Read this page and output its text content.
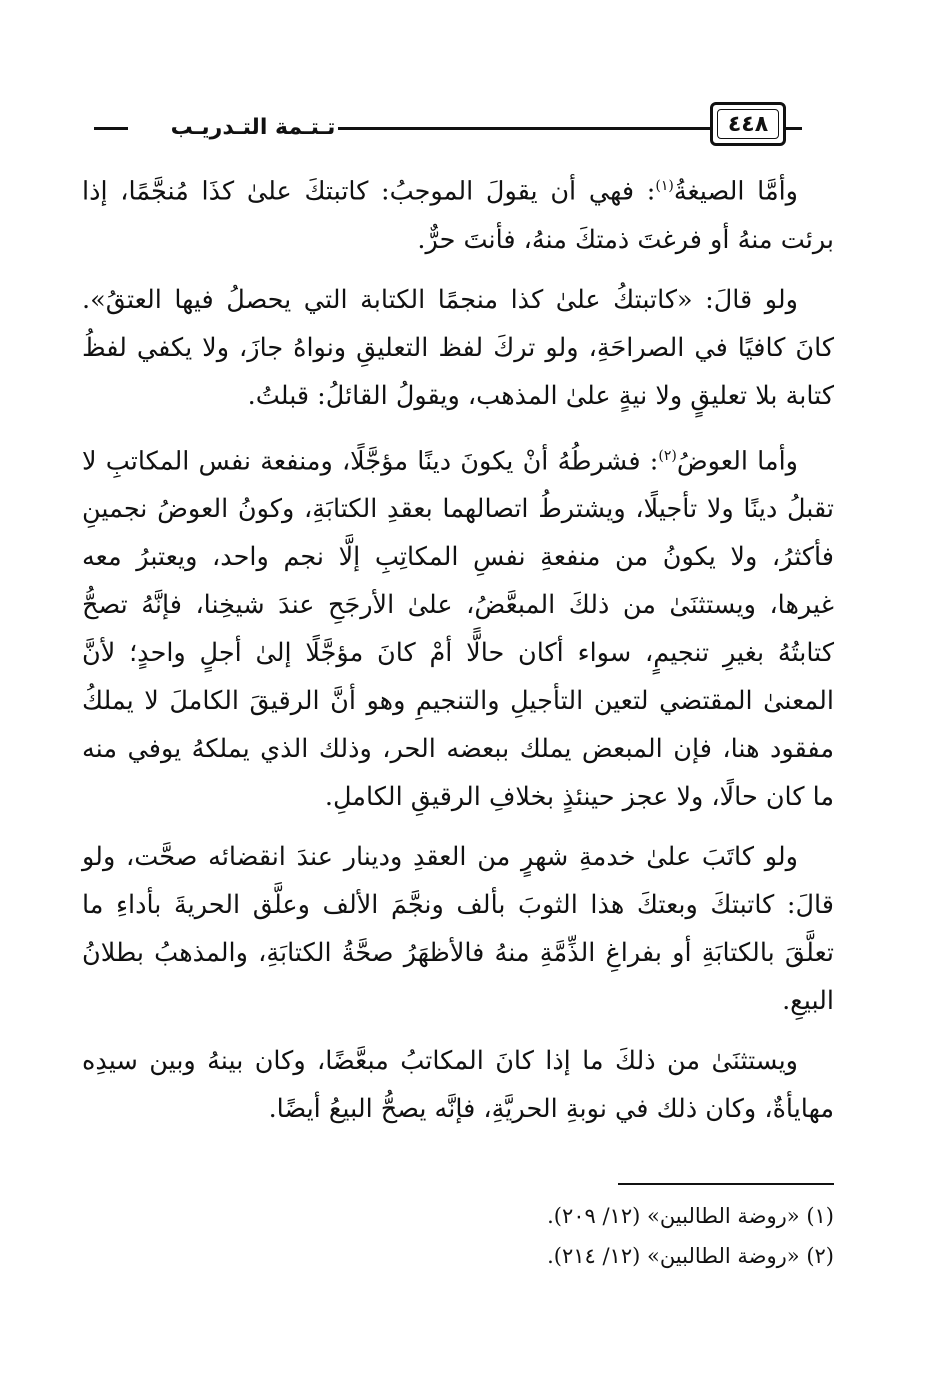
تـتـمة التـدريـب	٤٤٨

وأمَّا الصيغةُ$^{(١)}$: فهي أن يقولَ الموجبُ: كاتبتكَ علىٰ كذَا مُنجَّمًا، إذا برئت منهُ أو فرغتَ ذمتكَ منهُ، فأنتَ حرٌّ.

ولو قالَ: «كاتبتكُ علىٰ كذا منجمًا الكتابة التي يحصلُ فيها العتقُ». كانَ كافيًا في الصراحَةِ، ولو تركَ لفظ التعليقِ ونواهُ جازَ، ولا يكفي لفظُ كتابة بلا تعليقٍ ولا نيةٍ علىٰ المذهب، ويقولُ القائلُ: قبلتُ.

وأما العوضُ$^{(٢)}$: فشرطُهُ أنْ يكونَ دينًا مؤجَّلًا، ومنفعة نفس المكاتبِ لا تقبلُ دينًا ولا تأجيلًا، ويشترطُ اتصالهما بعقدِ الكتابَةِ، وكونُ العوضُ نجمينِ فأكثرُ، ولا يكونُ من منفعةِ نفسِ المكاتِبِ إلَّا نجم واحد، ويعتبرُ معه غيرها، ويستثنَىٰ من ذلكَ المبعَّضُ، علىٰ الأرجَحِ عندَ شيخِنا، فإنَّهُ تصحُّ كتابتُهُ بغيرِ تنجيمٍ، سواء أكان حالًّا أمْ كانَ مؤجَّلًا إلىٰ أجلٍ واحدٍ؛ لأنَّ المعنىٰ المقتضي لتعين التأجيلِ والتنجيمِ وهو أنَّ الرقيقَ الكاملَ لا يملكُ مفقود هنا، فإن المبعض يملك ببعضه الحر، وذلك الذي يملكهُ يوفي منه ما كان حالًا، ولا عجز حينئذٍ بخلافِ الرقيقِ الكاملِ.

ولو كاتَبَ علىٰ خدمةِ شهرٍ من العقدِ ودينار عندَ انقضائه صحَّت، ولو قالَ: كاتبتكَ وبعتكَ هذا الثوبَ بألف ونجَّمَ الألف وعلَّق الحريةَ بأداءِ ما تعلَّقَ بالكتابَةِ أو بفراغِ الذِّمَّةِ منهُ فالأظهَرُ صحَّةُ الكتابَةِ، والمذهبُ بطلانُ البيعِ.

ويستثنَىٰ من ذلكَ ما إذا كانَ المكاتبُ مبعَّضًا، وكان بينهُ وبين سيدِه مهايأةٌ، وكان ذلك في نوبةِ الحريَّةِ، فإنَّه يصحُّ البيعُ أيضًا.

(١) «روضة الطالبين» (١٢/ ٢٠٩).

(٢) «روضة الطالبين» (١٢/ ٢١٤).
